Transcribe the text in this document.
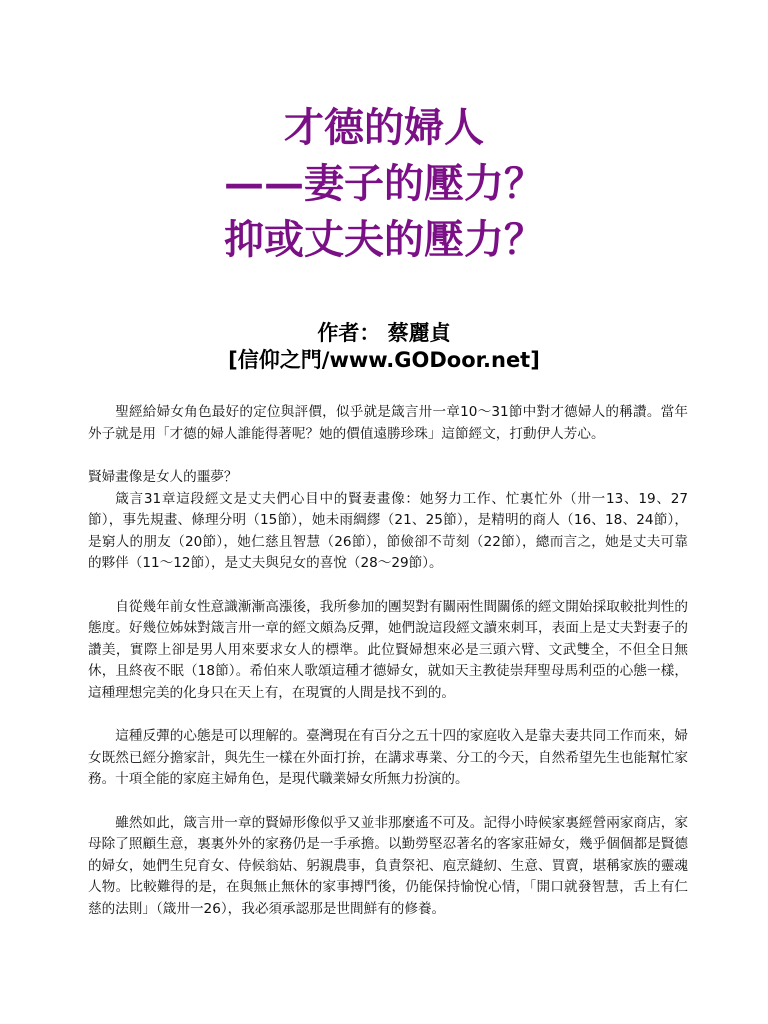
才德的婦人
——妻子的壓力？
抑或丈夫的壓力？
作者： 蔡麗貞
[信仰之門/www.GODoor.net]

聖經給婦女角色最好的定位與評價，似乎就是箴言卅一章10～31節中對才德婦人的稱讚。當年外子就是用「才德的婦人誰能得著呢？她的價值遠勝珍珠」這節經文，打動伊人芳心。

賢婦畫像是女人的噩夢？

箴言31章這段經文是丈夫們心目中的賢妻畫像：她努力工作、忙裏忙外（卅一13、19、27節），事先規畫、條理分明（15節），她未雨綢繆（21、25節），是精明的商人（16、18、24節），是窮人的朋友（20節），她仁慈且智慧（26節），節儉卻不苛刻（22節），總而言之，她是丈夫可靠的夥伴（11～12節），是丈夫與兒女的喜悅（28～29節）。

自從幾年前女性意識漸漸高漲後，我所參加的團契對有關兩性間關係的經文開始採取較批判性的態度。好幾位姊妹對箴言卅一章的經文頗為反彈，她們說這段經文讀來刺耳，表面上是丈夫對妻子的讚美，實際上卻是男人用來要求女人的標準。此位賢婦想來必是三頭六臂、文武雙全，不但全日無休，且終夜不眠（18節）。希伯來人歌頌這種才德婦女，就如天主教徒崇拜聖母馬利亞的心態一樣，這種理想完美的化身只在天上有，在現實的人間是找不到的。

這種反彈的心態是可以理解的。臺灣現在有百分之五十四的家庭收入是靠夫妻共同工作而來，婦女既然已經分擔家計，與先生一樣在外面打拚，在講求專業、分工的今天，自然希望先生也能幫忙家務。十項全能的家庭主婦角色，是現代職業婦女所無力扮演的。

雖然如此，箴言卅一章的賢婦形像似乎又並非那麼遙不可及。記得小時候家裏經營兩家商店，家母除了照顧生意，裏裏外外的家務仍是一手承擔。以勤勞堅忍著名的客家莊婦女，幾乎個個都是賢德的婦女，她們生兒育女、侍候翁姑、躬親農事，負責祭祀、庖烹縫紉、生意、買賣，堪稱家族的靈魂人物。比較難得的是，在與無止無休的家事搏鬥後，仍能保持愉悅心情，「開口就發智慧，舌上有仁慈的法則」（箴卅一26），我必須承認那是世間鮮有的修養。
